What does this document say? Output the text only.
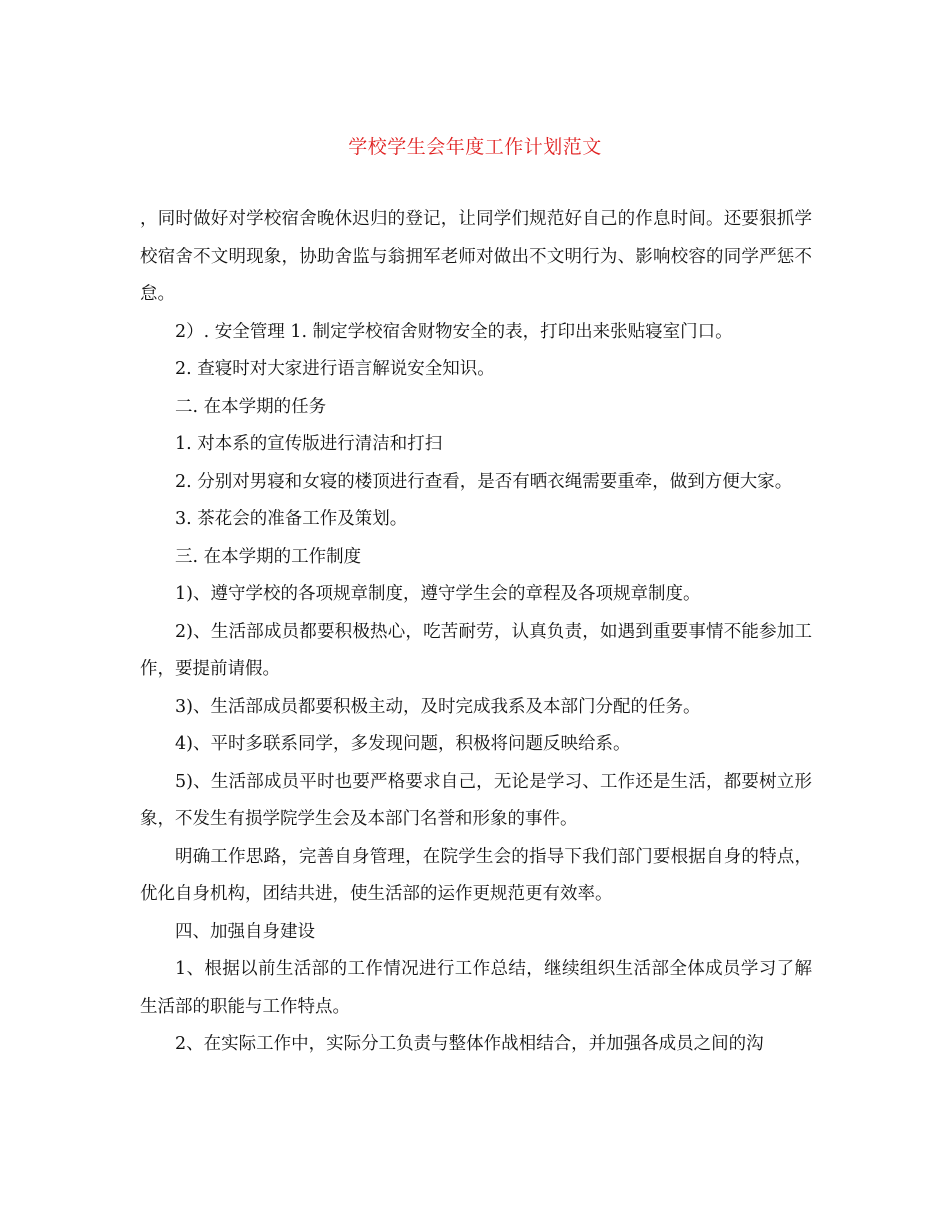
学校学生会年度工作计划范文

，同时做好对学校宿舍晚休迟归的登记，让同学们规范好自己的作息时间。还要狠抓学校宿舍不文明现象，协助舍监与翁拥军老师对做出不文明行为、影响校容的同学严惩不怠。

2）. 安全管理 1. 制定学校宿舍财物安全的表，打印出来张贴寝室门口。

2. 查寝时对大家进行语言解说安全知识。

二. 在本学期的任务

1. 对本系的宣传版进行清洁和打扫

2. 分别对男寝和女寝的楼顶进行查看，是否有晒衣绳需要重牵，做到方便大家。

3. 茶花会的准备工作及策划。

三. 在本学期的工作制度

1)、遵守学校的各项规章制度，遵守学生会的章程及各项规章制度。

2)、生活部成员都要积极热心，吃苦耐劳，认真负责，如遇到重要事情不能参加工作，要提前请假。

3)、生活部成员都要积极主动，及时完成我系及本部门分配的任务。

4)、平时多联系同学，多发现问题，积极将问题反映给系。

5)、生活部成员平时也要严格要求自己，无论是学习、工作还是生活，都要树立形象，不发生有损学院学生会及本部门名誉和形象的事件。

明确工作思路，完善自身管理，在院学生会的指导下我们部门要根据自身的特点，优化自身机构，团结共进，使生活部的运作更规范更有效率。

四、加强自身建设

1、根据以前生活部的工作情况进行工作总结，继续组织生活部全体成员学习了解生活部的职能与工作特点。

2、在实际工作中，实际分工负责与整体作战相结合，并加强各成员之间的沟
